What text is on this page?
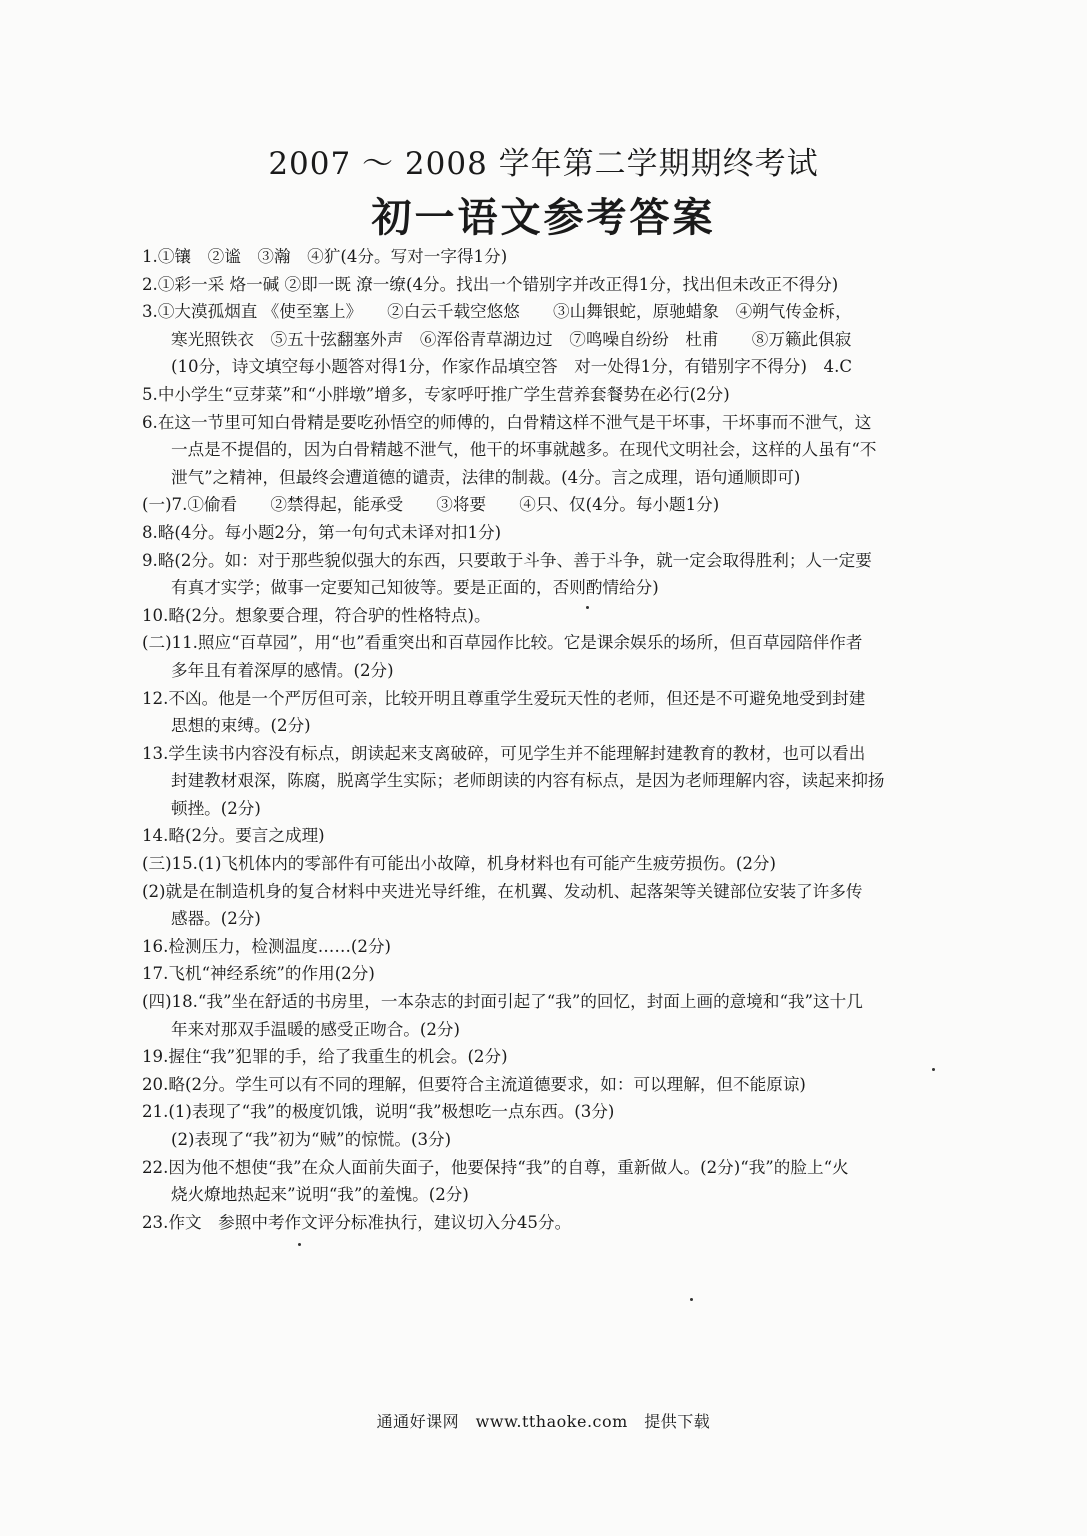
2007 ～ 2008 学年第二学期期终考试
初一语文参考答案
1.①镶　②谧　③瀚　④犷(4分。写对一字得1分)
2.①彩一采 烙一碱 ②即一既 潦一缭(4分。找出一个错别字并改正得1分，找出但未改正不得分)
3.①大漠孤烟直 《使至塞上》　　②白云千载空悠悠　　③山舞银蛇，原驰蜡象　④朔气传金柝，
寒光照铁衣　⑤五十弦翻塞外声　⑥浑俗青草湖边过　⑦鸣噪自纷纷　杜甫　　⑧万籁此俱寂
(10分，诗文填空每小题答对得1分，作家作品填空答　对一处得1分，有错别字不得分)　4.C
5.中小学生“豆芽菜”和“小胖墩”增多，专家呼吁推广学生营养套餐势在必行(2分)
6.在这一节里可知白骨精是要吃孙悟空的师傅的，白骨精这样不泄气是干坏事，干坏事而不泄气，这
一点是不提倡的，因为白骨精越不泄气，他干的坏事就越多。在现代文明社会，这样的人虽有“不
泄气”之精神，但最终会遭道德的谴责，法律的制裁。(4分。言之成理，语句通顺即可)
(一)7.①偷看　　②禁得起，能承受　　③将要　　④只、仅(4分。每小题1分)
8.略(4分。每小题2分，第一句句式未译对扣1分)
9.略(2分。如：对于那些貌似强大的东西，只要敢于斗争、善于斗争，就一定会取得胜利；人一定要
有真才实学；做事一定要知己知彼等。要是正面的，否则酌情给分)
10.略(2分。想象要合理，符合驴的性格特点)。
(二)11.照应“百草园”，用“也”看重突出和百草园作比较。它是课余娱乐的场所，但百草园陪伴作者
多年且有着深厚的感情。(2分)
12.不凶。他是一个严厉但可亲，比较开明且尊重学生爱玩天性的老师，但还是不可避免地受到封建
思想的束缚。(2分)
13.学生读书内容没有标点，朗读起来支离破碎，可见学生并不能理解封建教育的教材，也可以看出
封建教材艰深，陈腐，脱离学生实际；老师朗读的内容有标点，是因为老师理解内容，读起来抑扬
顿挫。(2分)
14.略(2分。要言之成理)
(三)15.(1)飞机体内的零部件有可能出小故障，机身材料也有可能产生疲劳损伤。(2分)
(2)就是在制造机身的复合材料中夹进光导纤维，在机翼、发动机、起落架等关键部位安装了许多传
感器。(2分)
16.检测压力，检测温度……(2分)
17.飞机“神经系统”的作用(2分)
(四)18.“我”坐在舒适的书房里，一本杂志的封面引起了“我”的回忆，封面上画的意境和“我”这十几
年来对那双手温暖的感受正吻合。(2分)
19.握住“我”犯罪的手，给了我重生的机会。(2分)
20.略(2分。学生可以有不同的理解，但要符合主流道德要求，如：可以理解，但不能原谅)
21.(1)表现了“我”的极度饥饿，说明“我”极想吃一点东西。(3分)
(2)表现了“我”初为“贼”的惊慌。(3分)
22.因为他不想使“我”在众人面前失面子，他要保持“我”的自尊，重新做人。(2分)“我”的脸上“火
烧火燎地热起来”说明“我”的羞愧。(2分)
23.作文　参照中考作文评分标准执行，建议切入分45分。
通通好课网　www.tthaoke.com　提供下载
